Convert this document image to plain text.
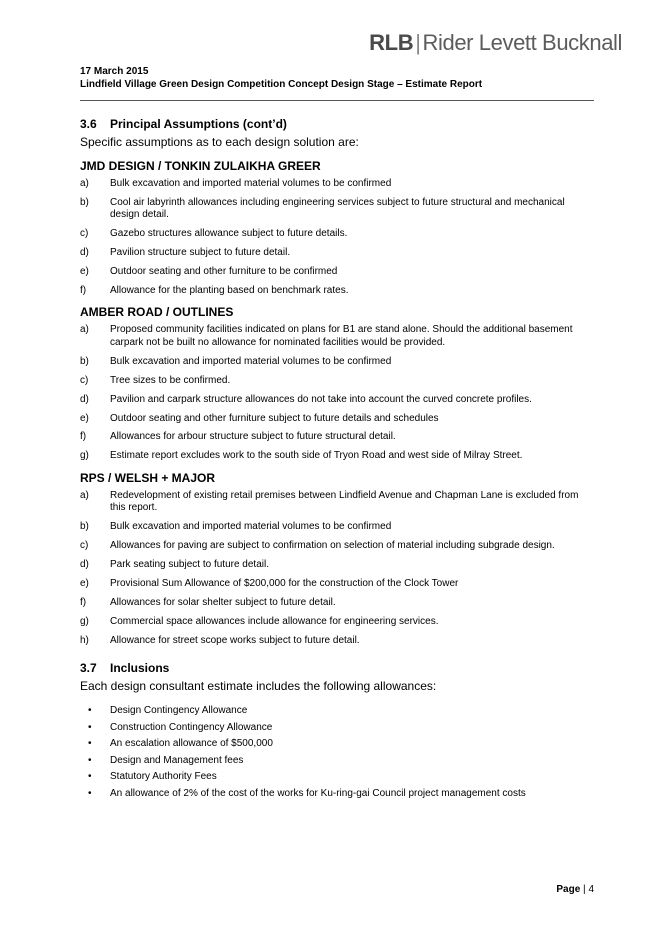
RLB|Rider Levett Bucknall
17 March 2015
Lindfield Village Green Design Competition Concept Design Stage – Estimate Report
3.6 Principal Assumptions (cont’d)
Specific assumptions as to each design solution are:
JMD DESIGN / TONKIN ZULAIKHA GREER
a)	Bulk excavation and imported material volumes to be confirmed
b)	Cool air labyrinth allowances including engineering services subject to future structural and mechanical design detail.
c)	Gazebo structures allowance subject to future details.
d)	Pavilion structure subject to future detail.
e)	Outdoor seating and other furniture to be confirmed
f)	Allowance for the planting based on benchmark rates.
AMBER ROAD / OUTLINES
a)	Proposed community facilities indicated on plans for B1 are stand alone. Should the additional basement carpark not be built no allowance for nominated facilities would be provided.
b)	Bulk excavation and imported material volumes to be confirmed
c)	Tree sizes to be confirmed.
d)	Pavilion and carpark structure allowances do not take into account the curved concrete profiles.
e)	Outdoor seating and other furniture subject to future details and schedules
f)	Allowances for arbour structure subject to future structural detail.
g)	Estimate report excludes work to the south side of Tryon Road and west side of Milray Street.
RPS / WELSH + MAJOR
a)	Redevelopment of existing retail premises between Lindfield Avenue and Chapman Lane is excluded from this report.
b)	Bulk excavation and imported material volumes to be confirmed
c)	Allowances for paving are subject to confirmation on selection of material including subgrade design.
d)	Park seating subject to future detail.
e)	Provisional Sum Allowance of $200,000 for the construction of the Clock Tower
f)	Allowances for solar shelter subject to future detail.
g)	Commercial space allowances include allowance for engineering services.
h)	Allowance for street scope works subject to future detail.
3.7 Inclusions
Each design consultant estimate includes the following allowances:
•	Design Contingency Allowance
•	Construction Contingency Allowance
•	An escalation allowance of $500,000
•	Design and Management fees
•	Statutory Authority Fees
•	An allowance of 2% of the cost of the works for Ku-ring-gai Council project management costs
Page | 4
